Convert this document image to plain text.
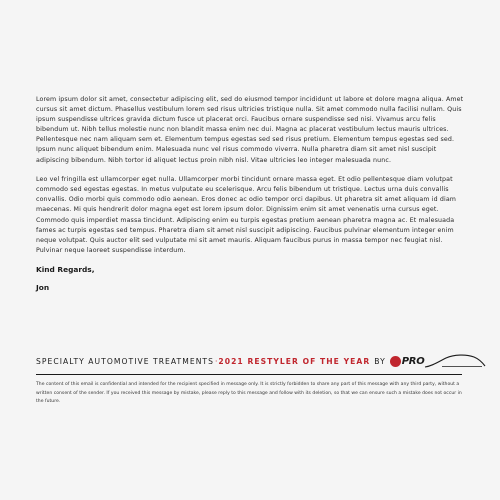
Lorem ipsum dolor sit amet, consectetur adipiscing elit, sed do eiusmod tempor incididunt ut labore et dolore magna aliqua. Amet cursus sit amet dictum. Phasellus vestibulum lorem sed risus ultricies tristique nulla. Sit amet commodo nulla facilisi nullam. Quis ipsum suspendisse ultrices gravida dictum fusce ut placerat orci. Faucibus ornare suspendisse sed nisi. Vivamus arcu felis bibendum ut. Nibh tellus molestie nunc non blandit massa enim nec dui. Magna ac placerat vestibulum lectus mauris ultrices. Pellentesque nec nam aliquam sem et. Elementum tempus egestas sed sed risus pretium. Elementum tempus egestas sed sed. Ipsum nunc aliquet bibendum enim. Malesuada nunc vel risus commodo viverra. Nulla pharetra diam sit amet nisl suscipit adipiscing bibendum. Nibh tortor id aliquet lectus proin nibh nisl. Vitae ultricies leo integer malesuada nunc.

Leo vel fringilla est ullamcorper eget nulla. Ullamcorper morbi tincidunt ornare massa eget. Et odio pellentesque diam volutpat commodo sed egestas egestas. In metus vulputate eu scelerisque. Arcu felis bibendum ut tristique. Lectus urna duis convallis convallis. Odio morbi quis commodo odio aenean. Eros donec ac odio tempor orci dapibus. Ut pharetra sit amet aliquam id diam maecenas. Mi quis hendrerit dolor magna eget est lorem ipsum dolor. Dignissim enim sit amet venenatis urna cursus eget. Commodo quis imperdiet massa tincidunt. Adipiscing enim eu turpis egestas pretium aenean pharetra magna ac. Et malesuada fames ac turpis egestas sed tempus. Pharetra diam sit amet nisl suscipit adipiscing. Faucibus pulvinar elementum integer enim neque volutpat. Quis auctor elit sed vulputate mi sit amet mauris. Aliquam faucibus purus in massa tempor nec feugiat nisl. Pulvinar neque laoreet suspendisse interdum.

Kind Regards,

Jon

SPECIALTY AUTOMOTIVE TREATMENTS · 2021 RESTYLER OF THE YEAR BY PRO

The content of this email is confidential and intended for the recipient specified in message only. It is strictly forbidden to share any part of this message with any third party, without a written consent of the sender. If you received this message by mistake, please reply to this message and follow with its deletion, so that we can ensure such a mistake does not occur in the future.
